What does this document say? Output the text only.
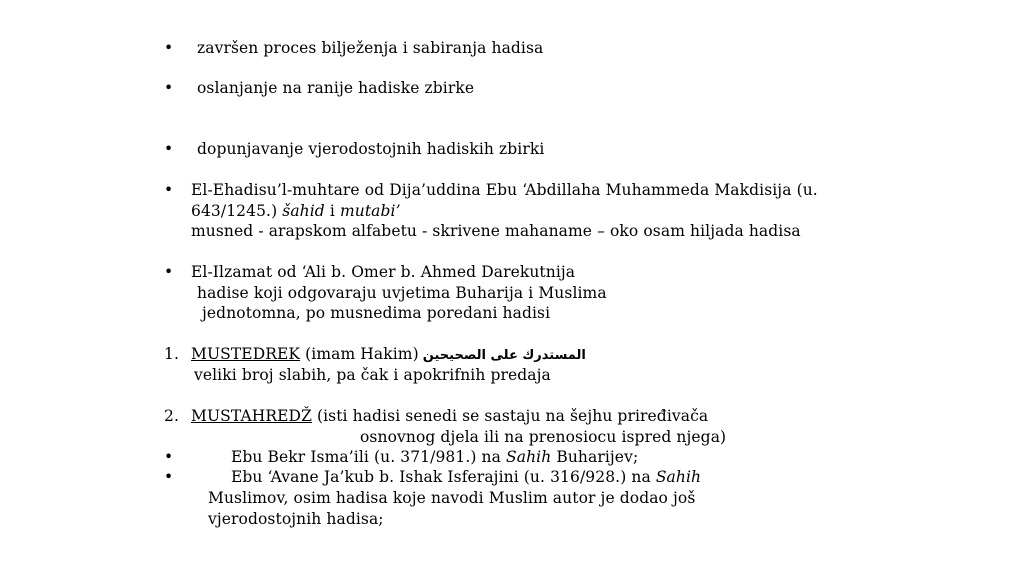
• završen proces bilježenja i sabiranja hadisa
• oslanjanje na ranije hadiske zbirke
• dopunjavanje vjerodostojnih hadiskih zbirki
• El-Ehadisu’l-muhtare od Dija’uddina Ebu ‘Abdillaha Muhammeda Makdisija (u.
643/1245.) šahid i mutabi’
musned - arapskom alfabetu - skrivene mahaname – oko osam hiljada hadisa
• El-Ilzamat od ‘Ali b. Omer b. Ahmed Darekutnija
hadise koji odgovaraju uvjetima Buharija i Muslima
jednotomna, po musnedima poredani hadisi
1. MUSTEDREK (imam Hakim) المستدرك على الصحيحين
veliki broj slabih, pa čak i apokrifnih predaja
2. MUSTAHREDŽ (isti hadisi senedi se sastaju na šejhu priređivača
osnovnog djela ili na prenosiocu ispred njega)
•	Ebu Bekr Isma’ili (u. 371/981.) na Sahih Buharijev;
•	Ebu ‘Avane Ja’kub b. Ishak Isferajini (u. 316/928.) na Sahih
Muslimov, osim hadisa koje navodi Muslim autor je dodao još
vjerodostojnih hadisa;
